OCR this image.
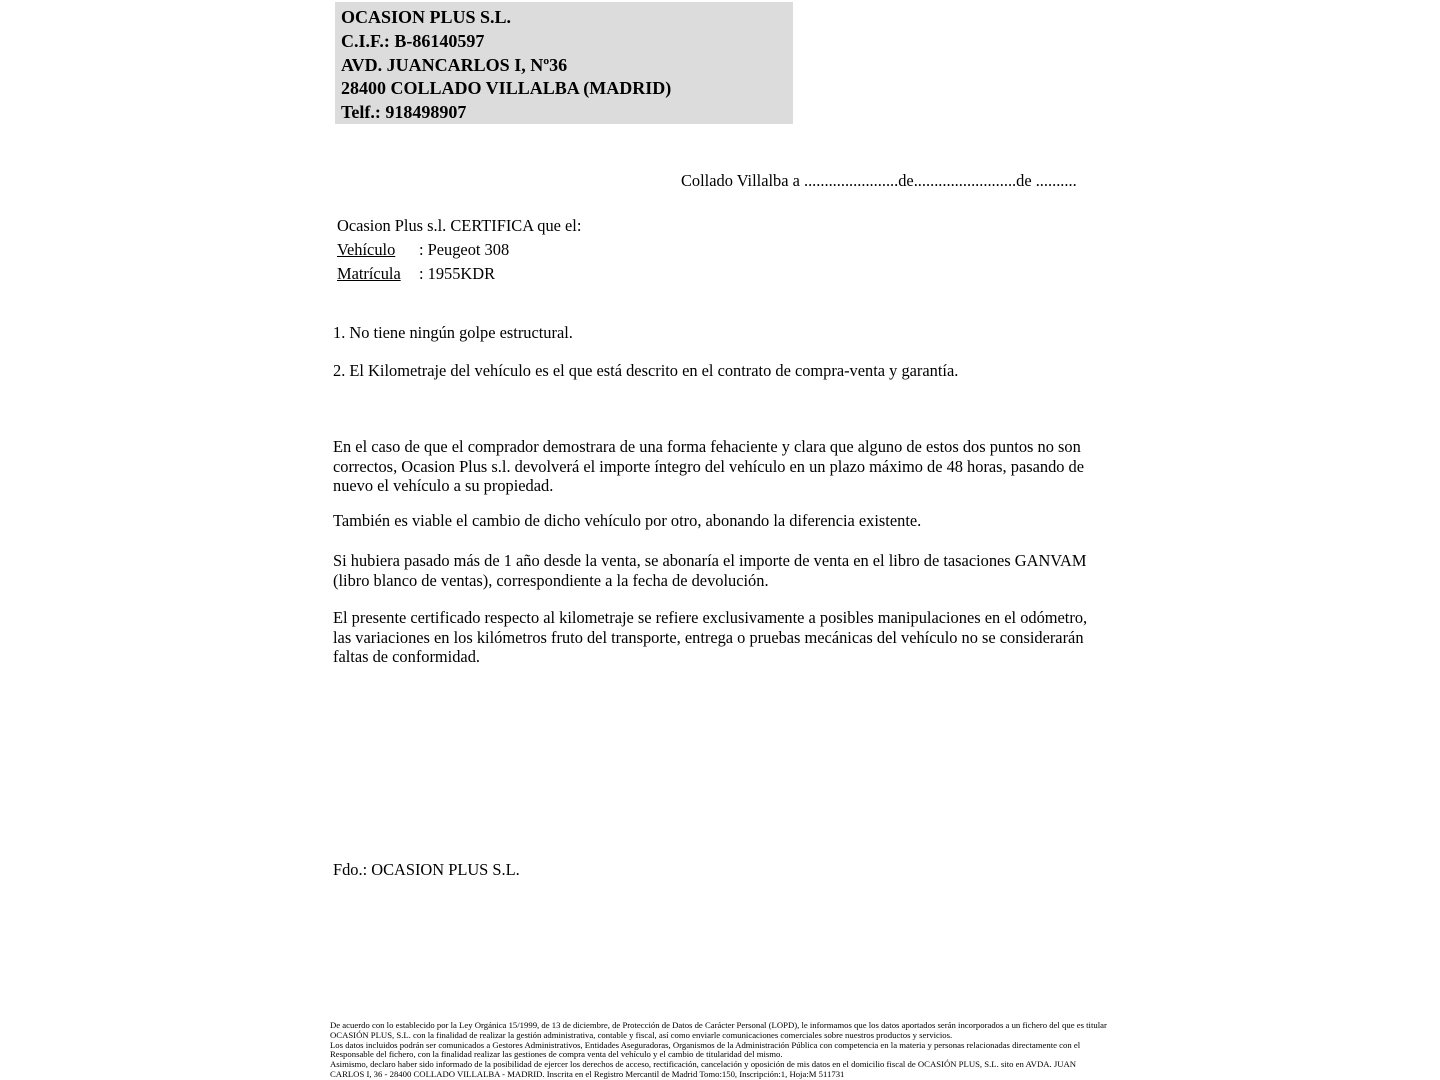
OCASION PLUS S.L.
C.I.F.: B-86140597
AVD. JUANCARLOS I, Nº36
28400 COLLADO VILLALBA (MADRID)
Telf.: 918498907
Collado Villalba a .......................de.........................de ..........
Ocasion Plus s.l. CERTIFICA que el:
Vehículo : Peugeot 308
Matrícula : 1955KDR
1. No tiene ningún golpe estructural.
2. El Kilometraje del vehículo es el que está descrito en el contrato de compra-venta y garantía.
En el caso de que el comprador demostrara de una forma fehaciente y clara que alguno de estos dos puntos no son correctos, Ocasion Plus s.l. devolverá el importe íntegro del vehículo en un plazo máximo de 48 horas, pasando de nuevo el vehículo a su propiedad.
También es viable el cambio de dicho vehículo por otro, abonando la diferencia existente.
Si hubiera pasado más de 1 año desde la venta, se abonaría el importe de venta en el libro de tasaciones GANVAM (libro blanco de ventas), correspondiente a la fecha de devolución.
El presente certificado respecto al kilometraje se refiere exclusivamente a posibles manipulaciones en el odómetro, las variaciones en los kilómetros fruto del transporte, entrega o pruebas mecánicas del vehículo no se considerarán faltas de conformidad.
Fdo.: OCASION PLUS S.L.
De acuerdo con lo establecido por la Ley Orgánica 15/1999, de 13 de diciembre, de Protección de Datos de Carácter Personal (LOPD), le informamos que los datos aportados serán incorporados a un fichero del que es titular
OCASIÓN PLUS, S.L. con la finalidad de realizar la gestión administrativa, contable y fiscal, así como enviarle comunicaciones comerciales sobre nuestros productos y servicios.
Los datos incluidos podrán ser comunicados a Gestores Administrativos, Entidades Aseguradoras, Organismos de la Administración Pública con competencia en la materia y personas relacionadas directamente con el
Responsable del fichero, con la finalidad realizar las gestiones de compra venta del vehículo y el cambio de titularidad del mismo.
Asimismo, declaro haber sido informado de la posibilidad de ejercer los derechos de acceso, rectificación, cancelación y oposición de mis datos en el domicilio fiscal de OCASIÓN PLUS, S.L. sito en AVDA. JUAN
CARLOS I, 36 - 28400 COLLADO VILLALBA - MADRID. Inscrita en el Registro Mercantil de Madrid Tomo:150, Inscripción:1, Hoja:M 511731
